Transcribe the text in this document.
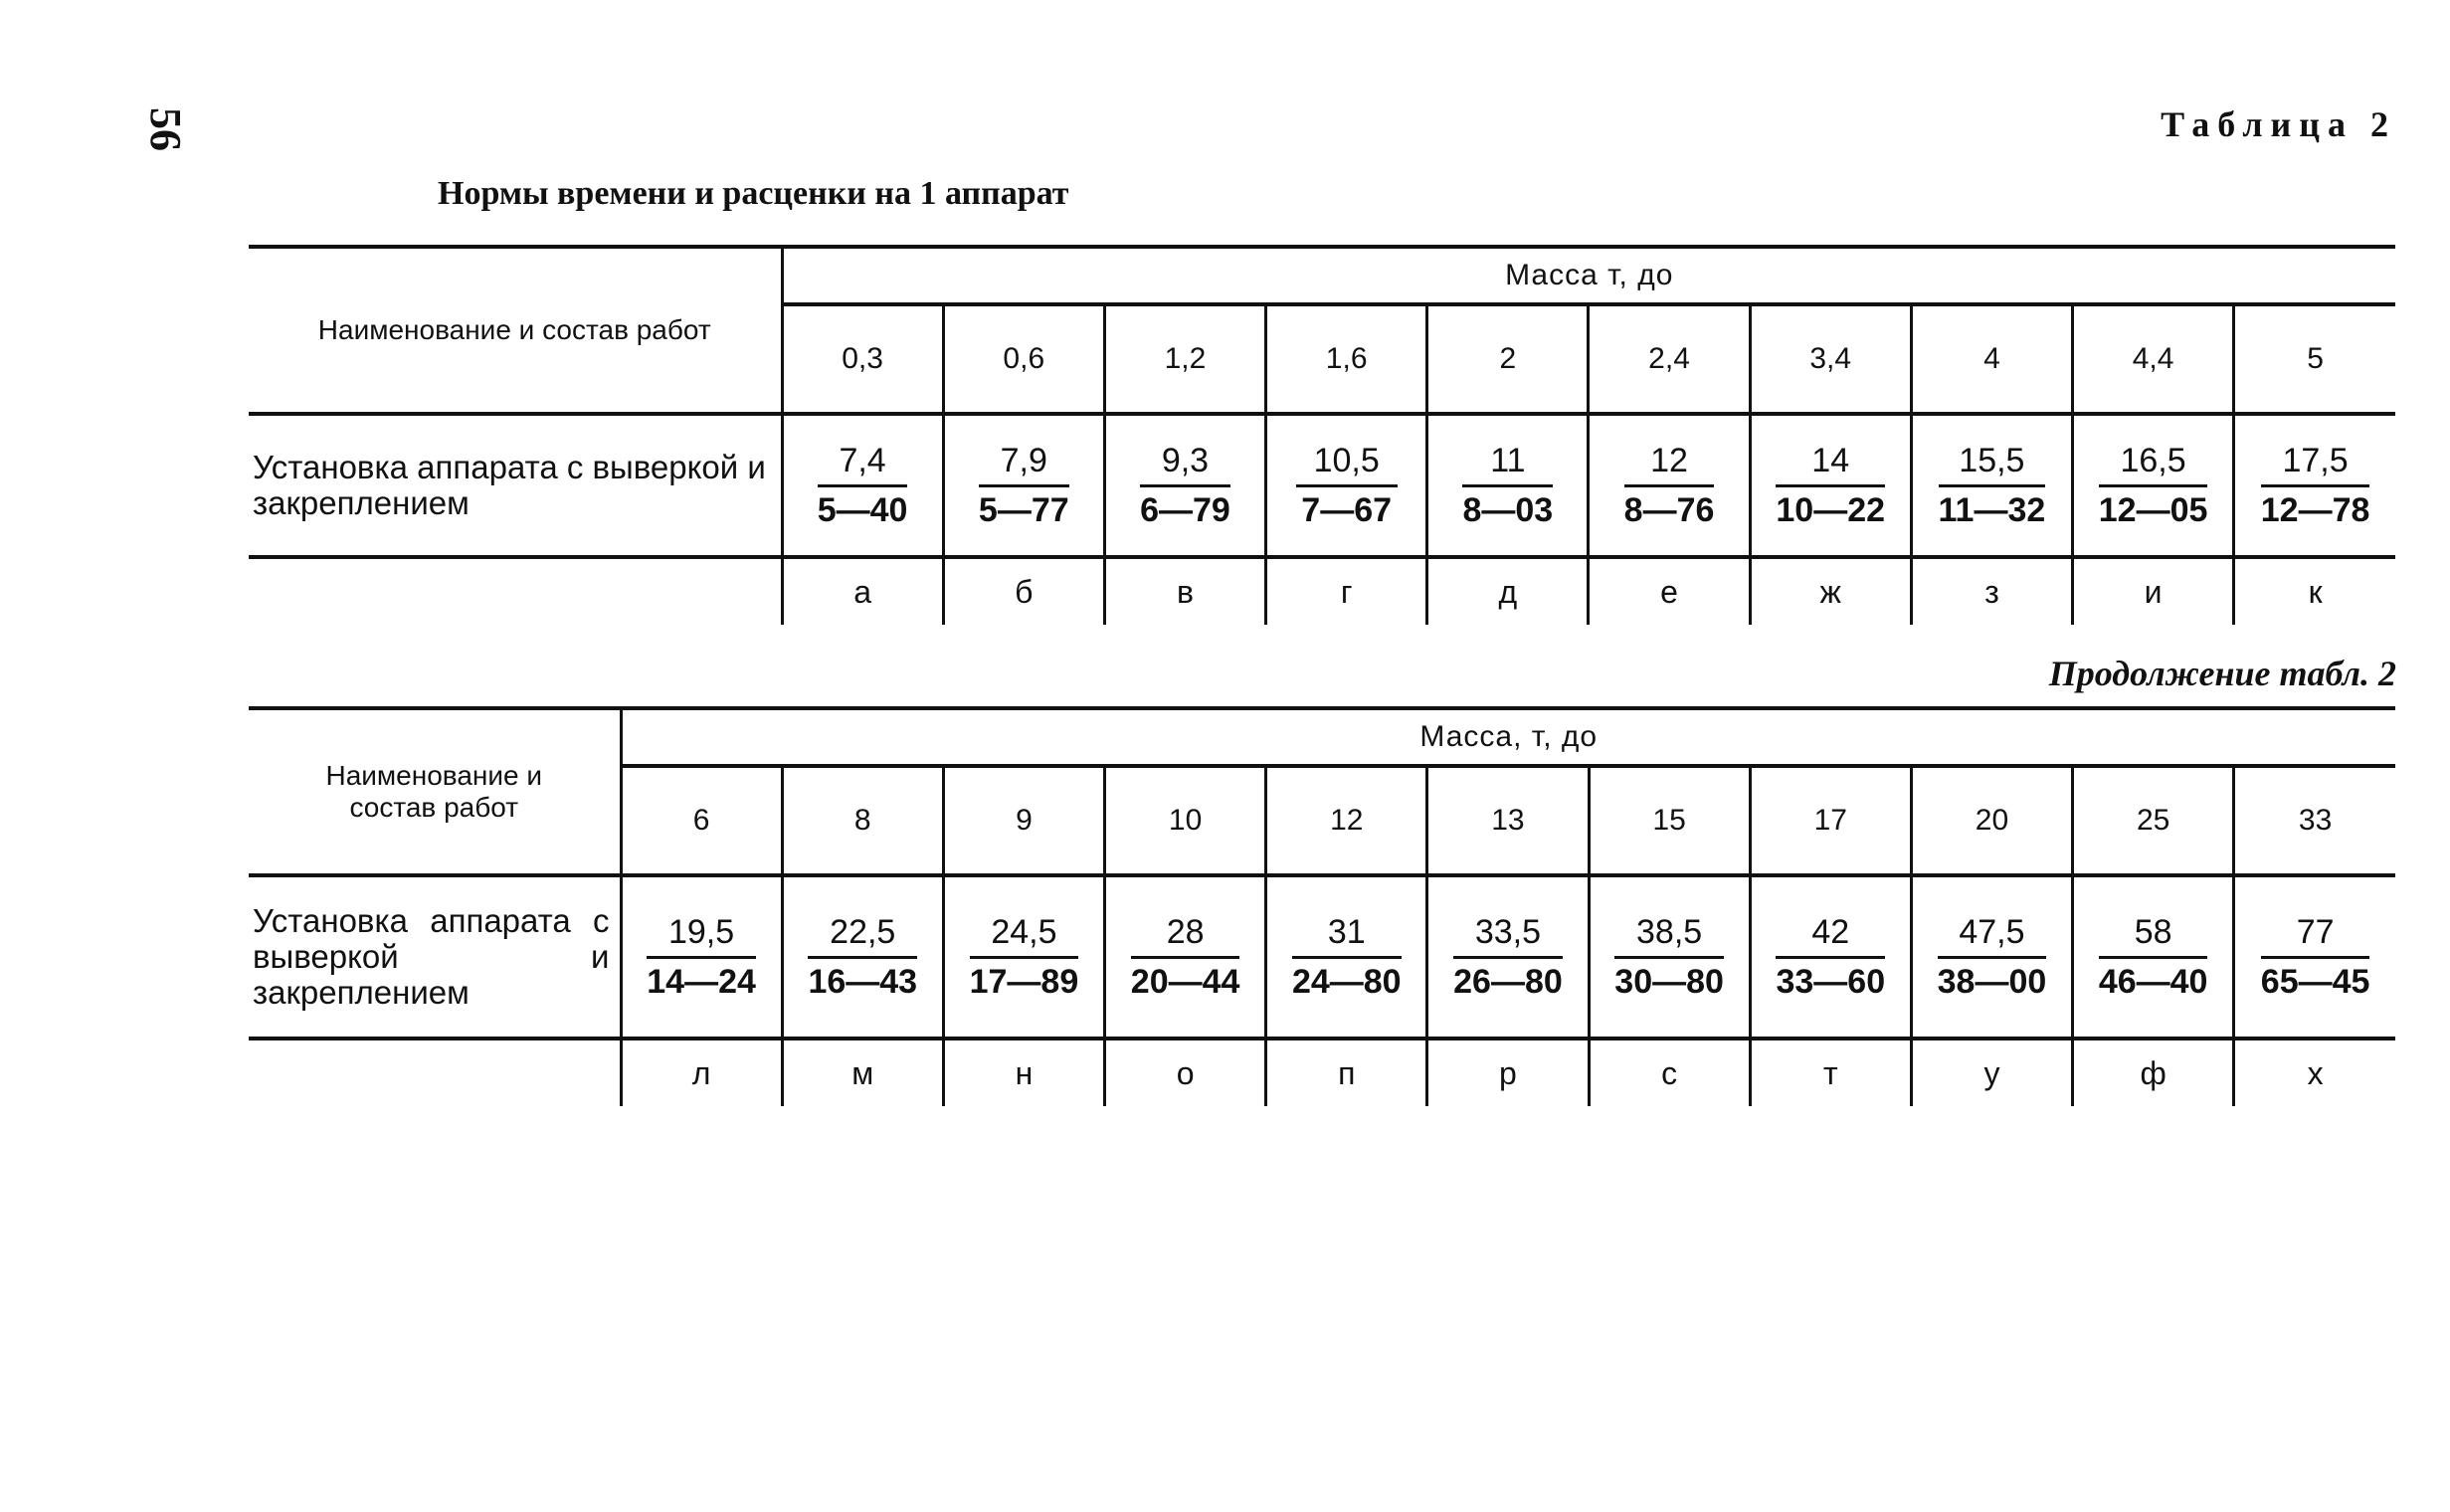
56	Таблица 2
Нормы времени и расценки на 1 аппарат
Наименование и состав работ	Масса т, до									
	0,3	0,6	1,2	1,6	2	2,4	3,4	4	4,4	5
Установка аппарата с выверкой и закреплением	$\frac{7,4}{5—40}$	$\frac{7,9}{5—77}$	$\frac{9,3}{6—79}$	$\frac{10,5}{7—67}$	$\frac{11}{8—03}$	$\frac{12}{8—76}$	$\frac{14}{10—22}$	$\frac{15,5}{11—32}$	$\frac{16,5}{12—05}$	$\frac{17,5}{12—78}$

	а	б	в	г	д	е	ж	з	и	к
Продолжение табл. 2
Наименование и состав работ	Масса, т, до										
	6	8	9	10	12	13	15	17	20	25	33
Установка аппарата с выверкой и закреплением	$\frac{19,5}{14—24}$	$\frac{22,5}{16—43}$	$\frac{24,5}{17—89}$	$\frac{28}{20—44}$	$\frac{31}{24—80}$	$\frac{33,5}{26—80}$	$\frac{38,5}{30—80}$	$\frac{42}{33—60}$	$\frac{47,5}{38—00}$	$\frac{58}{46—40}$	$\frac{77}{65—45}$

	л	м	н	о	п	р	с	т	у	ф	х
